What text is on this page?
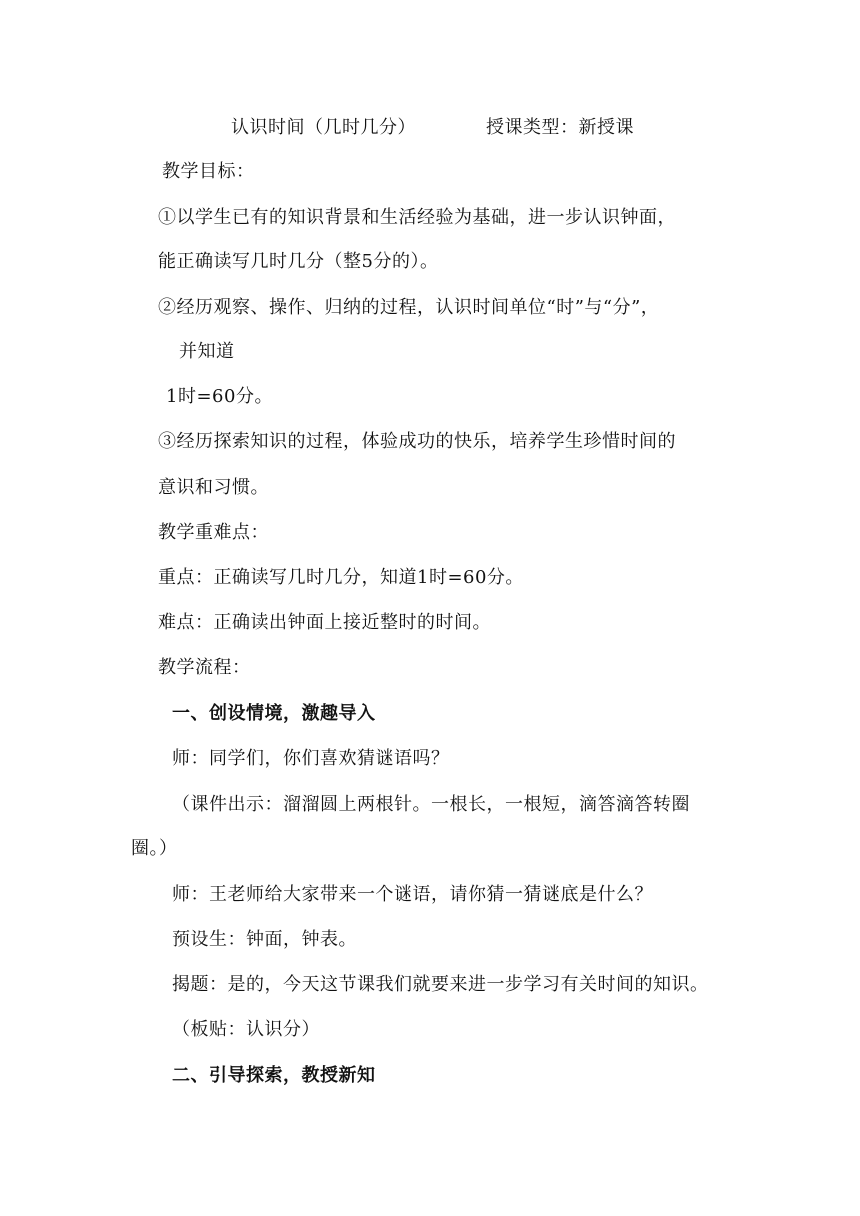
认识时间（几时几分）	授课类型：新授课
教学目标：
①以学生已有的知识背景和生活经验为基础，进一步认识钟面，
能正确读写几时几分（整5分的）。
②经历观察、操作、归纳的过程，认识时间单位“时”与“分”，
并知道
1时=60分。
③经历探索知识的过程，体验成功的快乐，培养学生珍惜时间的
意识和习惯。
教学重难点：
重点：正确读写几时几分，知道1时=60分。
难点：正确读出钟面上接近整时的时间。
教学流程：
一、创设情境，激趣导入
师：同学们，你们喜欢猜谜语吗？
（课件出示：溜溜圆上两根针。一根长，一根短，滴答滴答转圈
圈。）
师：王老师给大家带来一个谜语，请你猜一猜谜底是什么？
预设生：钟面，钟表。
揭题：是的，今天这节课我们就要来进一步学习有关时间的知识。
（板贴：认识分）
二、引导探索，教授新知
